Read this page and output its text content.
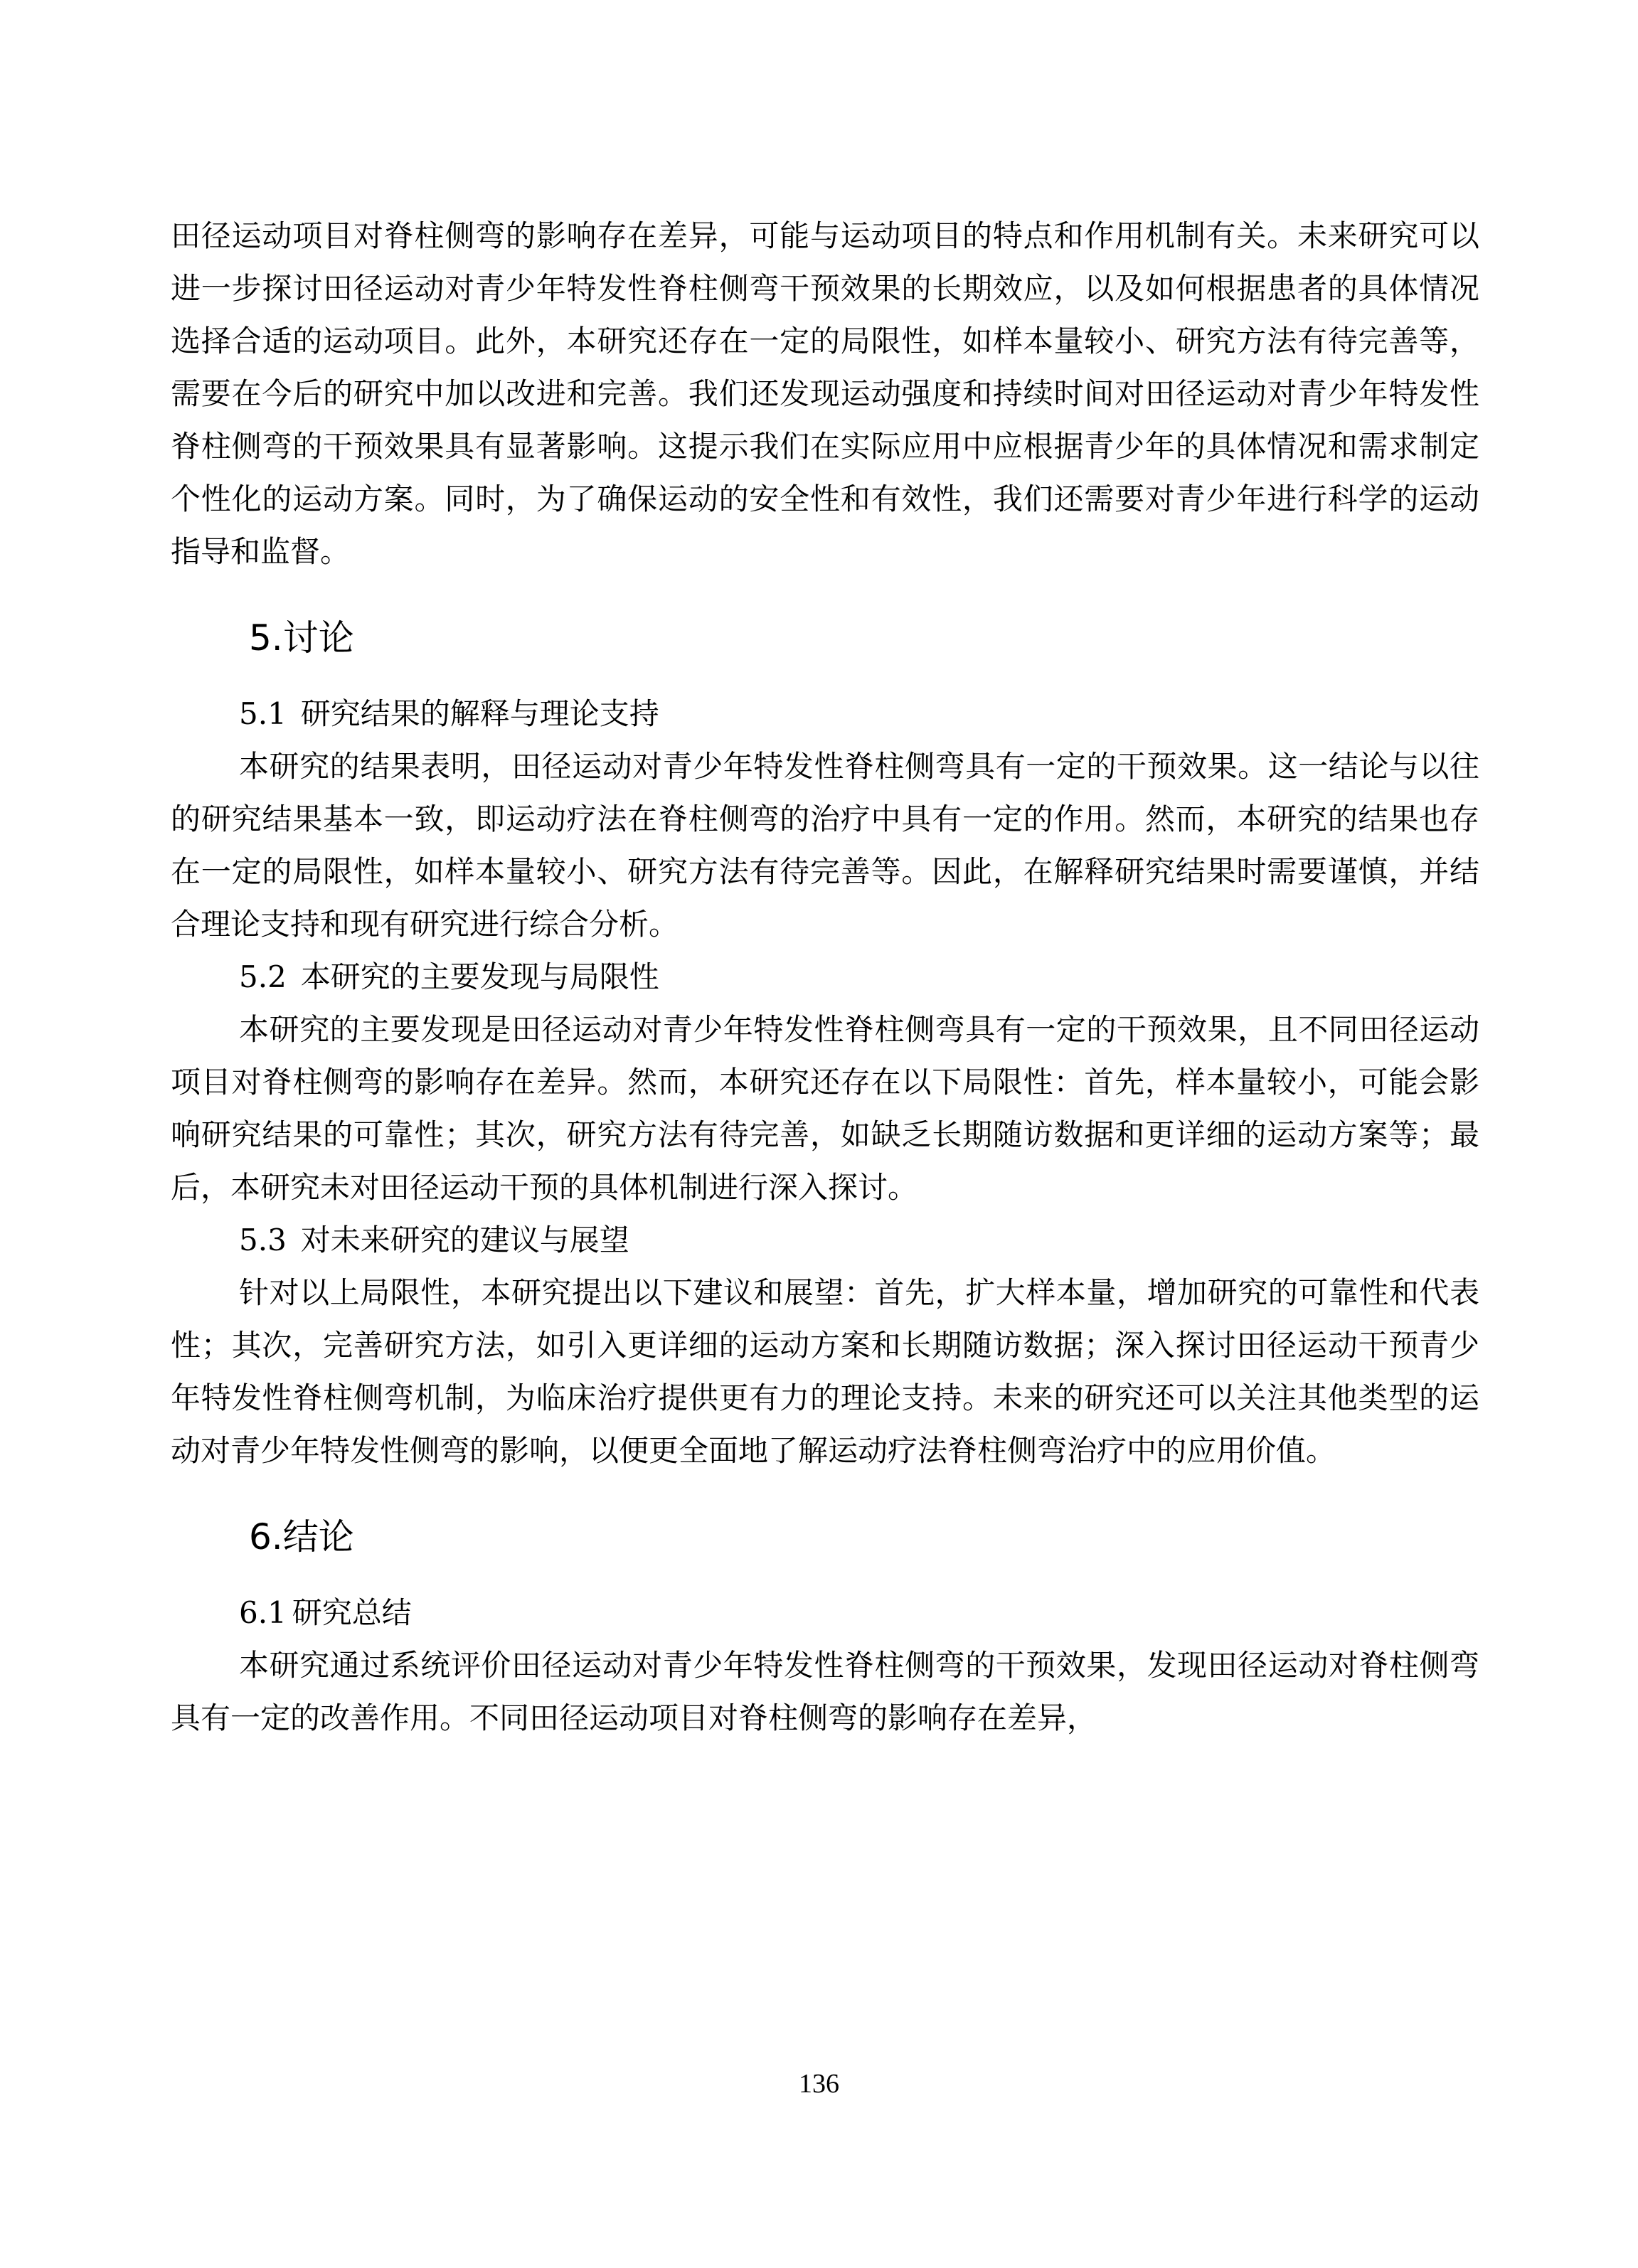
田径运动项目对脊柱侧弯的影响存在差异，可能与运动项目的特点和作用机制有关。未来研究可以进一步探讨田径运动对青少年特发性脊柱侧弯干预效果的长期效应，以及如何根据患者的具体情况选择合适的运动项目。此外，本研究还存在一定的局限性，如样本量较小、研究方法有待完善等，需要在今后的研究中加以改进和完善。我们还发现运动强度和持续时间对田径运动对青少年特发性脊柱侧弯的干预效果具有显著影响。这提示我们在实际应用中应根据青少年的具体情况和需求制定个性化的运动方案。同时，为了确保运动的安全性和有效性，我们还需要对青少年进行科学的运动指导和监督。

5.讨论
5.1 研究结果的解释与理论支持

本研究的结果表明，田径运动对青少年特发性脊柱侧弯具有一定的干预效果。这一结论与以往的研究结果基本一致，即运动疗法在脊柱侧弯的治疗中具有一定的作用。然而，本研究的结果也存在一定的局限性，如样本量较小、研究方法有待完善等。因此，在解释研究结果时需要谨慎，并结合理论支持和现有研究进行综合分析。

5.2 本研究的主要发现与局限性

本研究的主要发现是田径运动对青少年特发性脊柱侧弯具有一定的干预效果，且不同田径运动项目对脊柱侧弯的影响存在差异。然而，本研究还存在以下局限性：首先，样本量较小，可能会影响研究结果的可靠性；其次，研究方法有待完善，如缺乏长期随访数据和更详细的运动方案等；最后，本研究未对田径运动干预的具体机制进行深入探讨。

5.3 对未来研究的建议与展望

针对以上局限性，本研究提出以下建议和展望：首先，扩大样本量，增加研究的可靠性和代表性；其次，完善研究方法，如引入更详细的运动方案和长期随访数据；深入探讨田径运动干预青少年特发性脊柱侧弯机制，为临床治疗提供更有力的理论支持。未来的研究还可以关注其他类型的运动对青少年特发性侧弯的影响，以便更全面地了解运动疗法脊柱侧弯治疗中的应用价值。

6.结论
6.1 研究总结

本研究通过系统评价田径运动对青少年特发性脊柱侧弯的干预效果，发现田径运动对脊柱侧弯具有一定的改善作用。不同田径运动项目对脊柱侧弯的影响存在差异，

136
